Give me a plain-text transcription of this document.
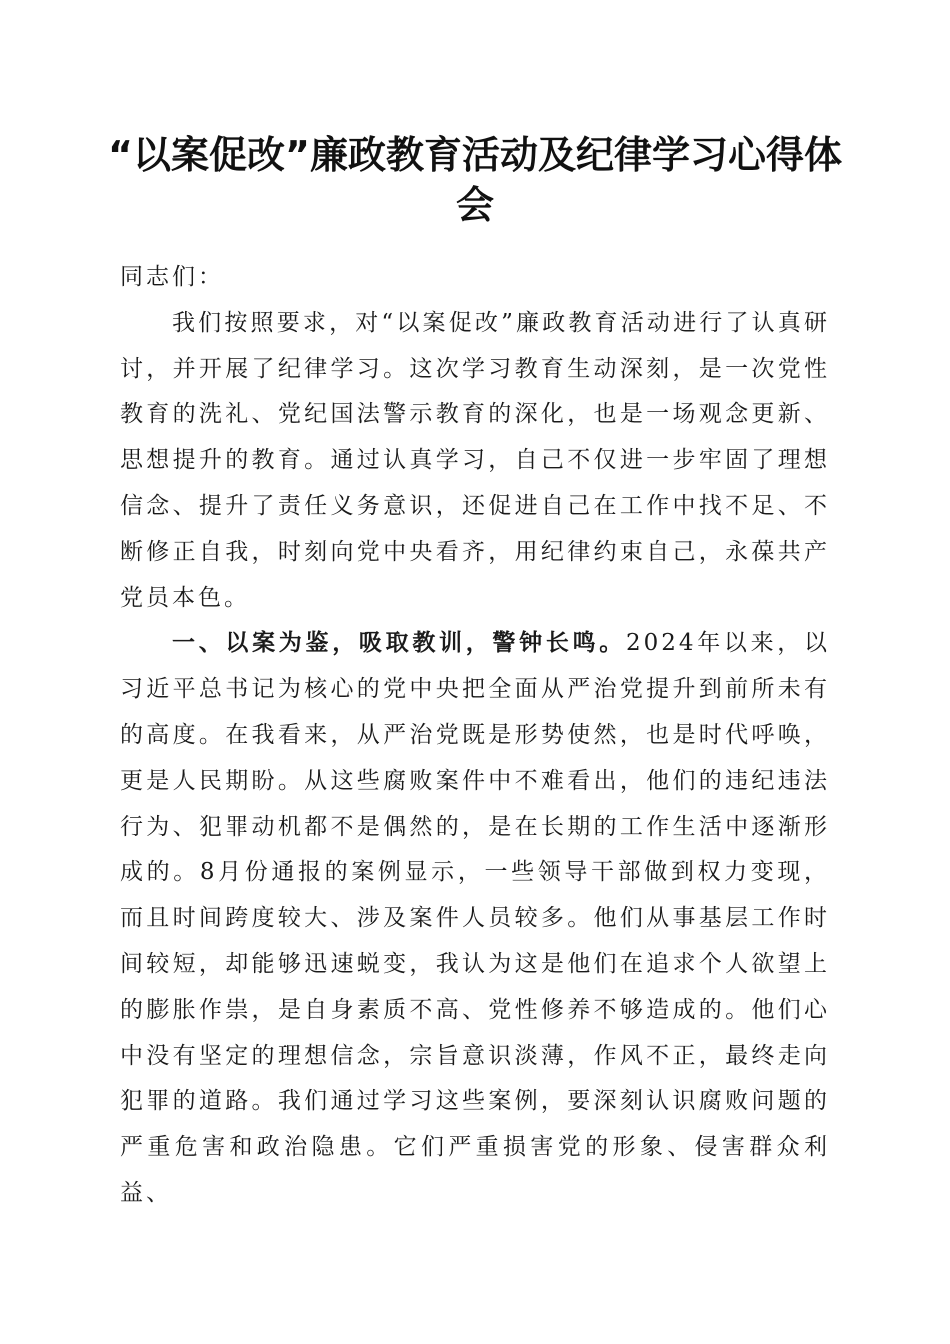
“以案促改”廉政教育活动及纪律学习心得体会

同志们：

我们按照要求，对“以案促改”廉政教育活动进行了认真研讨，并开展了纪律学习。这次学习教育生动深刻，是一次党性教育的洗礼、党纪国法警示教育的深化，也是一场观念更新、思想提升的教育。通过认真学习，自己不仅进一步牢固了理想信念、提升了责任义务意识，还促进自己在工作中找不足、不断修正自我，时刻向党中央看齐，用纪律约束自己，永葆共产党员本色。

一、以案为鉴，吸取教训，警钟长鸣。2024年以来，以习近平总书记为核心的党中央把全面从严治党提升到前所未有的高度。在我看来，从严治党既是形势使然，也是时代呼唤，更是人民期盼。从这些腐败案件中不难看出，他们的违纪违法行为、犯罪动机都不是偶然的，是在长期的工作生活中逐渐形成的。8月份通报的案例显示，一些领导干部做到权力变现，而且时间跨度较大、涉及案件人员较多。他们从事基层工作时间较短，却能够迅速蜕变，我认为这是他们在追求个人欲望上的膨胀作祟，是自身素质不高、党性修养不够造成的。他们心中没有坚定的理想信念，宗旨意识淡薄，作风不正，最终走向犯罪的道路。我们通过学习这些案例，要深刻认识腐败问题的严重危害和政治隐患。它们严重损害党的形象、侵害群众利益、
